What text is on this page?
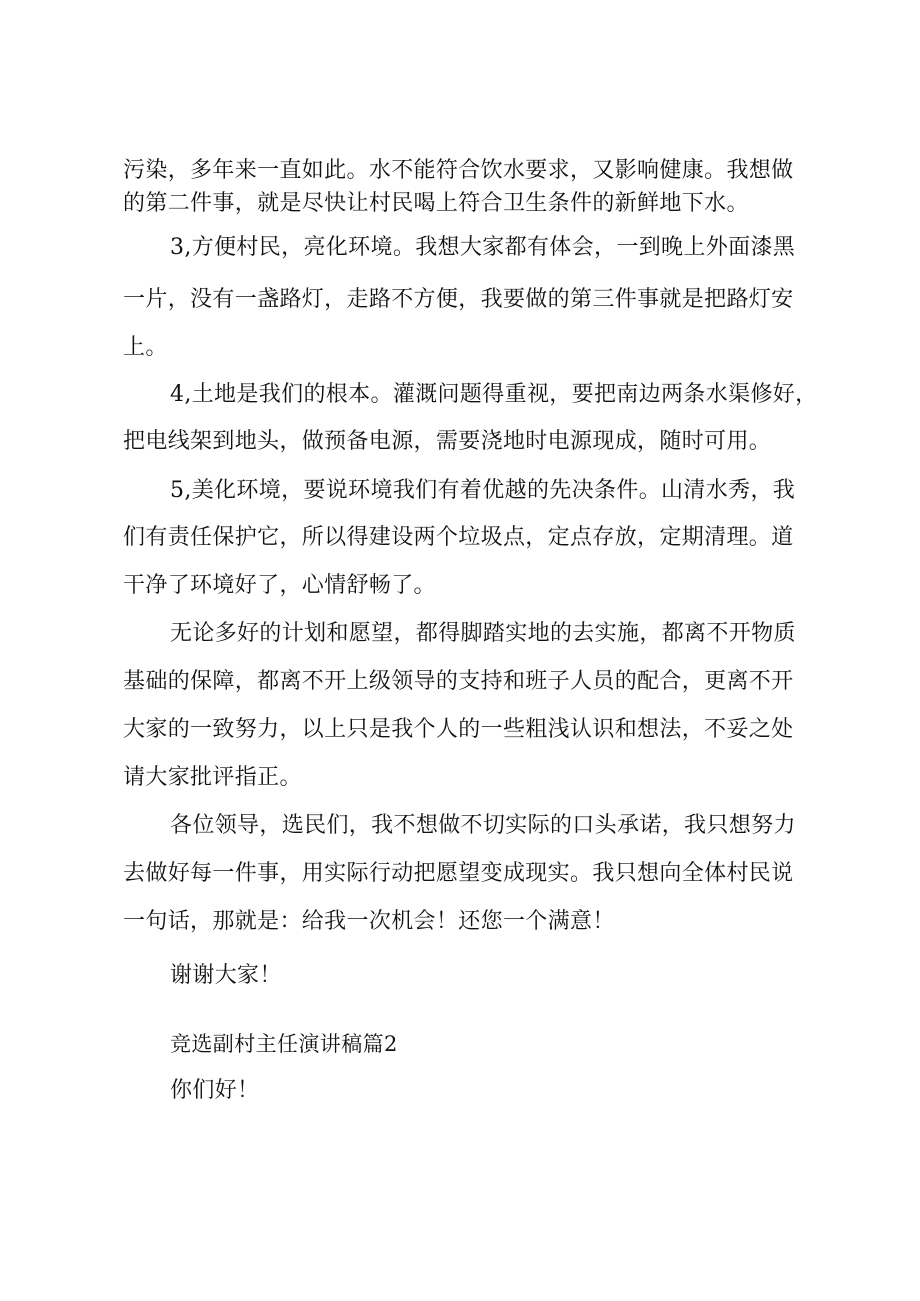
污染，多年来一直如此。水不能符合饮水要求，又影响健康。我想做
的第二件事，就是尽快让村民喝上符合卫生条件的新鲜地下水。
3,方便村民，亮化环境。我想大家都有体会，一到晚上外面漆黑
一片，没有一盏路灯，走路不方便，我要做的第三件事就是把路灯安
上。
4,土地是我们的根本。灌溉问题得重视，要把南边两条水渠修好，
把电线架到地头，做预备电源，需要浇地时电源现成，随时可用。
5,美化环境，要说环境我们有着优越的先决条件。山清水秀，我
们有责任保护它，所以得建设两个垃圾点，定点存放，定期清理。道
干净了环境好了，心情舒畅了。
无论多好的计划和愿望，都得脚踏实地的去实施，都离不开物质
基础的保障，都离不开上级领导的支持和班子人员的配合，更离不开
大家的一致努力，以上只是我个人的一些粗浅认识和想法，不妥之处
请大家批评指正。
各位领导，选民们，我不想做不切实际的口头承诺，我只想努力
去做好每一件事，用实际行动把愿望变成现实。我只想向全体村民说
一句话，那就是：给我一次机会！还您一个满意！
谢谢大家！
竞选副村主任演讲稿篇2
你们好！
